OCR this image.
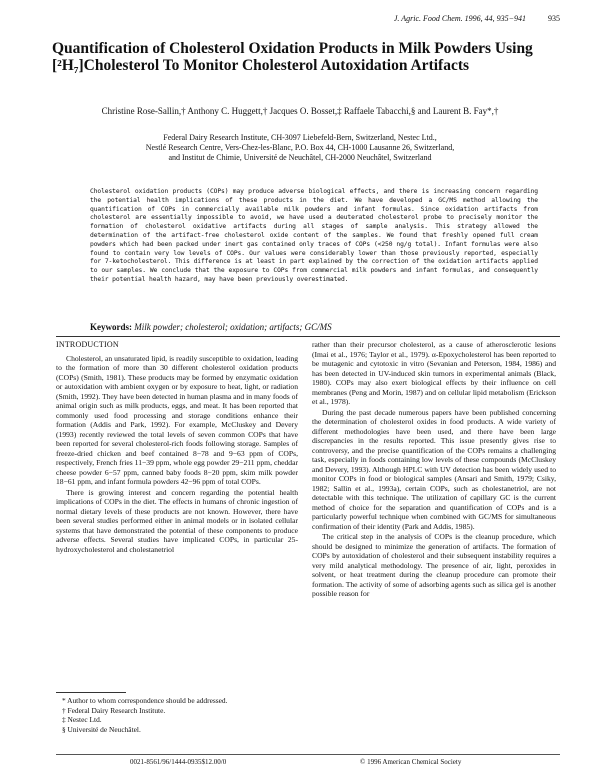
J. Agric. Food Chem. 1996, 44, 935−941	935
Quantification of Cholesterol Oxidation Products in Milk Powders Using [²H₇]Cholesterol To Monitor Cholesterol Autoxidation Artifacts
Christine Rose-Sallin,† Anthony C. Huggett,† Jacques O. Bosset,‡ Raffaele Tabacchi,§ and Laurent B. Fay*,†
Federal Dairy Research Institute, CH-3097 Liebefeld-Bern, Switzerland, Nestec Ltd.,
Nestlé Research Centre, Vers-Chez-les-Blanc, P.O. Box 44, CH-1000 Lausanne 26, Switzerland,
and Institut de Chimie, Université de Neuchâtel, CH-2000 Neuchâtel, Switzerland
Cholesterol oxidation products (COPs) may produce adverse biological effects, and there is increasing concern regarding the potential health implications of these products in the diet. We have developed a GC/MS method allowing the quantification of COPs in commercially available milk powders and infant formulas. Since oxidation artifacts from cholesterol are essentially impossible to avoid, we have used a deuterated cholesterol probe to precisely monitor the formation of cholesterol oxidative artifacts during all stages of sample analysis. This strategy allowed the determination of the artifact-free cholesterol oxide content of the samples. We found that freshly opened full cream powders which had been packed under inert gas contained only traces of COPs (<250 ng/g total). Infant formulas were also found to contain very low levels of COPs. Our values were considerably lower than those previously reported, especially for 7-ketocholesterol. This difference is at least in part explained by the correction of the oxidation artifacts applied to our samples. We conclude that the exposure to COPs from commercial milk powders and infant formulas, and consequently their potential health hazard, may have been previously overestimated.
Keywords: Milk powder; cholesterol; oxidation; artifacts; GC/MS
INTRODUCTION

Cholesterol, an unsaturated lipid, is readily susceptible to oxidation, leading to the formation of more than 30 different cholesterol oxidation products (COPs) (Smith, 1981). These products may be formed by enzymatic oxidation or autoxidation with ambient oxygen or by exposure to heat, light, or radiation (Smith, 1992). They have been detected in human plasma and in many foods of animal origin such as milk products, eggs, and meat. It has been reported that commonly used food processing and storage conditions enhance their formation (Addis and Park, 1992). For example, McCluskey and Devery (1993) recently reviewed the total levels of seven common COPs that have been reported for several cholesterol-rich foods following storage. Samples of freeze-dried chicken and beef contained 8−78 and 9−63 ppm of COPs, respectively, French fries 11−39 ppm, whole egg powder 29−211 ppm, cheddar cheese powder 6−57 ppm, canned baby foods 8−20 ppm, skim milk powder 18−61 ppm, and infant formula powders 42−96 ppm of total COPs.

There is growing interest and concern regarding the potential health implications of COPs in the diet. The effects in humans of chronic ingestion of normal dietary levels of these products are not known. However, there have been several studies performed either in animal models or in isolated cellular systems that have demonstrated the potential of these components to produce adverse effects. Several studies have implicated COPs, in particular 25-hydroxycholesterol and cholestanetriol

* Author to whom correspondence should be addressed.
† Federal Dairy Research Institute.
‡ Nestec Ltd.
§ Université de Neuchâtel.

rather than their precursor cholesterol, as a cause of atherosclerotic lesions (Imai et al., 1976; Taylor et al., 1979). α-Epoxycholesterol has been reported to be mutagenic and cytotoxic in vitro (Sevanian and Peterson, 1984, 1986) and has been detected in UV-induced skin tumors in experimental animals (Black, 1980). COPs may also exert biological effects by their influence on cell membranes (Peng and Morin, 1987) and on cellular lipid metabolism (Erickson et al., 1978).

During the past decade numerous papers have been published concerning the determination of cholesterol oxides in food products. A wide variety of different methodologies have been used, and there have been large discrepancies in the results reported. This issue presently gives rise to controversy, and the precise quantification of the COPs remains a challenging task, especially in foods containing low levels of these compounds (McCluskey and Devery, 1993). Although HPLC with UV detection has been widely used to monitor COPs in food or biological samples (Ansari and Smith, 1979; Csiky, 1982; Sallin et al., 1993a), certain COPs, such as cholestanetriol, are not detectable with this technique. The utilization of capillary GC is the current method of choice for the separation and quantification of COPs and is a particularly powerful technique when combined with GC/MS for simultaneous confirmation of their identity (Park and Addis, 1985).

The critical step in the analysis of COPs is the cleanup procedure, which should be designed to minimize the generation of artifacts. The formation of COPs by autoxidation of cholesterol and their subsequent instability requires a very mild analytical methodology. The presence of air, light, peroxides in solvent, or heat treatment during the cleanup procedure can promote their formation. The activity of some of adsorbing agents such as silica gel is another possible reason for

0021-8561/96/1444-0935$12.00/0	© 1996 American Chemical Society
